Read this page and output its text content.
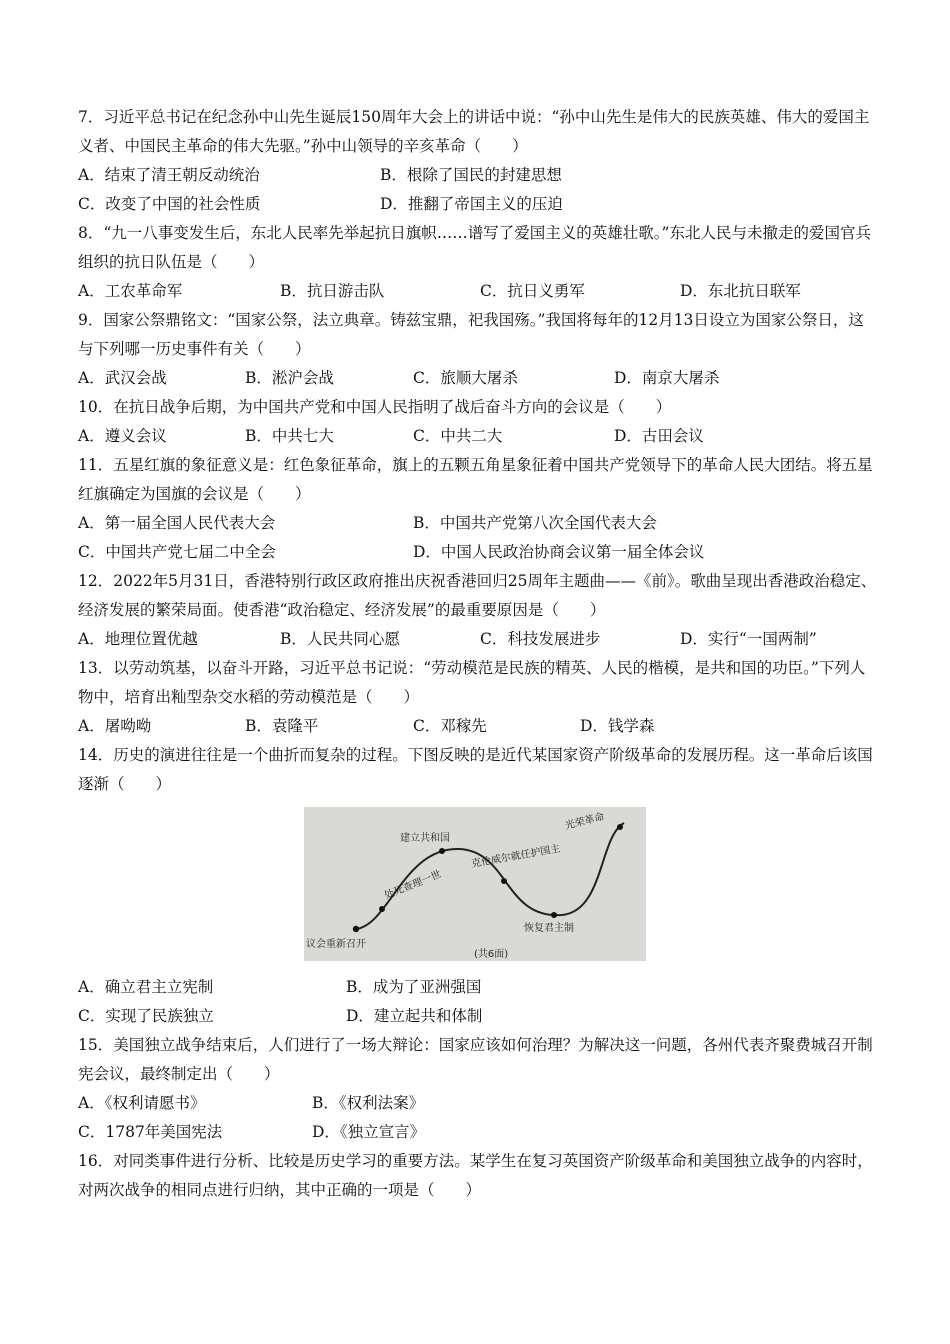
7．习近平总书记在纪念孙中山先生诞辰150周年大会上的讲话中说：“孙中山先生是伟大的民族英雄、伟大的爱国主义者、中国民主革命的伟大先驱。”孙中山领导的辛亥革命（　　）
A．结束了清王朝反动统治	B．根除了国民的封建思想
C．改变了中国的社会性质	D．推翻了帝国主义的压迫
8．“九一八事变发生后，东北人民率先举起抗日旗帜……谱写了爱国主义的英雄壮歌。”东北人民与未撤走的爱国官兵组织的抗日队伍是（　　）
A．工农革命军	B．抗日游击队	C．抗日义勇军	D．东北抗日联军
9．国家公祭鼎铭文：“国家公祭，法立典章。铸兹宝鼎，祀我国殇。”我国将每年的12月13日设立为国家公祭日，这与下列哪一历史事件有关（　　）
A．武汉会战	B．淞沪会战	C．旅顺大屠杀	D．南京大屠杀
10．在抗日战争后期，为中国共产党和中国人民指明了战后奋斗方向的会议是（　　）
A．遵义会议	B．中共七大	C．中共二大	D．古田会议
11．五星红旗的象征意义是：红色象征革命，旗上的五颗五角星象征着中国共产党领导下的革命人民大团结。将五星红旗确定为国旗的会议是（　　）
A．第一届全国人民代表大会	B．中国共产党第八次全国代表大会
C．中国共产党七届二中全会	D．中国人民政治协商会议第一届全体会议
12．2022年5月31日，香港特别行政区政府推出庆祝香港回归25周年主题曲——《前》。歌曲呈现出香港政治稳定、经济发展的繁荣局面。使香港“政治稳定、经济发展”的最重要原因是（　　）
A．地理位置优越	B．人民共同心愿	C．科技发展进步	D．实行“一国两制”
13．以劳动筑基，以奋斗开路，习近平总书记说：“劳动模范是民族的精英、人民的楷模，是共和国的功臣。”下列人物中，培育出籼型杂交水稻的劳动模范是（　　）
A．屠呦呦	B．袁隆平	C．邓稼先	D．钱学森
14．历史的演进往往是一个曲折而复杂的过程。下图反映的是近代某国家资产阶级革命的发展历程。这一革命后该国逐渐（　　）
议会重新召开
处死查理一世
建立共和国
克伦威尔就任护国主
恢复君主制
光荣革命
(共6面)
A．确立君主立宪制	B．成为了亚洲强国
C．实现了民族独立	D．建立起共和体制
15．美国独立战争结束后，人们进行了一场大辩论：国家应该如何治理？为解决这一问题，各州代表齐聚费城召开制宪会议，最终制定出（　　）
A．《权利请愿书》	B．《权利法案》
C．1787年美国宪法	D．《独立宣言》
16．对同类事件进行分析、比较是历史学习的重要方法。某学生在复习英国资产阶级革命和美国独立战争的内容时，对两次战争的相同点进行归纳，其中正确的一项是（　　）
